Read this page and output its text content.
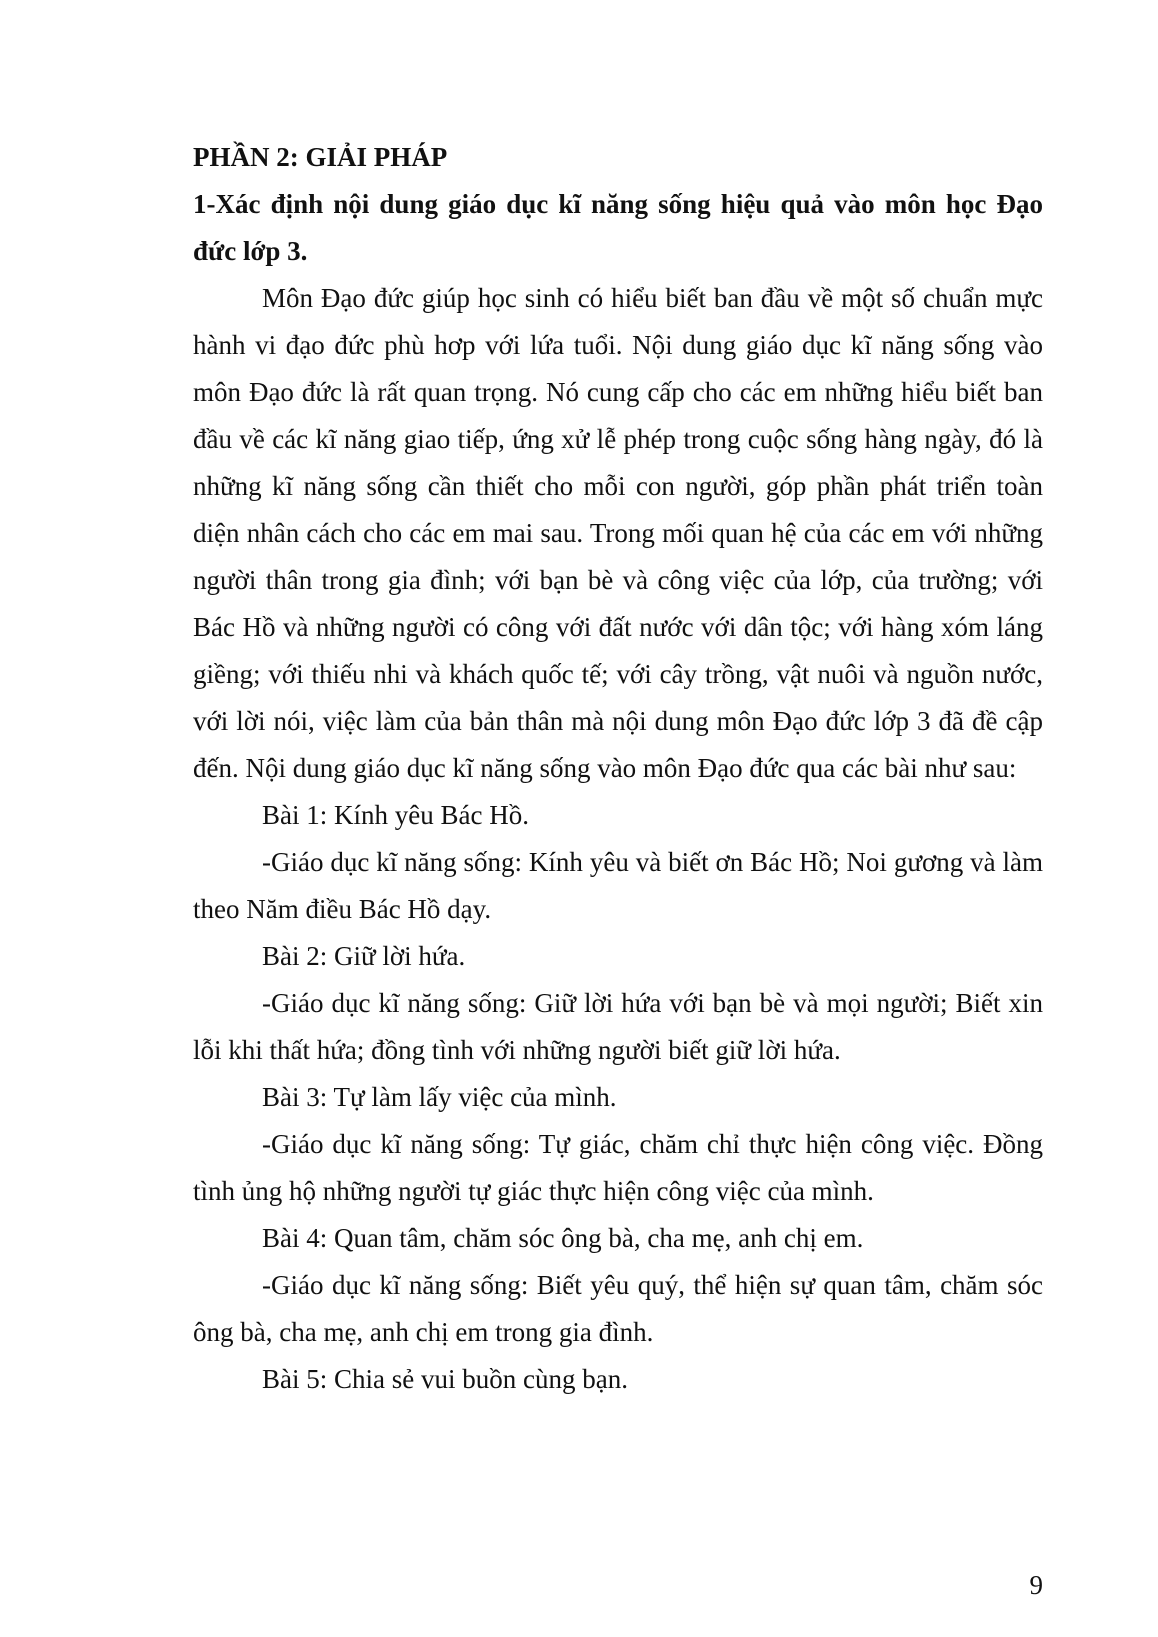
PHẦN 2: GIẢI PHÁP

1-Xác định nội dung giáo dục kĩ năng sống hiệu quả vào môn học Đạo đức lớp 3.

Môn Đạo đức giúp học sinh có hiểu biết ban đầu về một số chuẩn mực hành vi đạo đức phù hơp với lứa tuổi. Nội dung giáo dục kĩ năng sống vào môn Đạo đức là rất quan trọng. Nó cung cấp cho các em những hiểu biết ban đầu về các kĩ năng giao tiếp, ứng xử lễ phép trong cuộc sống hàng ngày, đó là những kĩ năng sống cần thiết cho mỗi con người, góp phần phát triển toàn diện nhân cách cho các em mai sau. Trong mối quan hệ của các em với những người thân trong gia đình; với bạn bè và công việc của lớp, của trường; với Bác Hồ và những người có công với đất nước với dân tộc; với hàng xóm láng giềng; với thiếu nhi và khách quốc tế; với cây trồng, vật nuôi và nguồn nước, với lời nói, việc làm của bản thân mà nội dung môn Đạo đức lớp 3 đã đề cập đến. Nội dung giáo dục kĩ năng sống vào môn Đạo đức qua các bài như sau:

Bài 1: Kính yêu Bác Hồ.

-Giáo dục kĩ năng sống: Kính yêu và biết ơn Bác Hồ; Noi gương và làm theo Năm điều Bác Hồ dạy.

Bài 2: Giữ lời hứa.

-Giáo dục kĩ năng sống: Giữ lời hứa với bạn bè và mọi người; Biết xin lỗi khi thất hứa; đồng tình với những người biết giữ lời hứa.

Bài 3: Tự làm lấy việc của mình.

-Giáo dục kĩ năng sống: Tự giác, chăm chỉ thực hiện công việc. Đồng tình ủng hộ những người tự giác thực hiện công việc của mình.

Bài 4: Quan tâm, chăm sóc ông bà, cha mẹ, anh chị em.

-Giáo dục kĩ năng sống: Biết yêu quý, thể hiện sự quan tâm, chăm sóc ông bà, cha mẹ, anh chị em trong gia đình.

Bài 5: Chia sẻ vui buồn cùng bạn.

9
